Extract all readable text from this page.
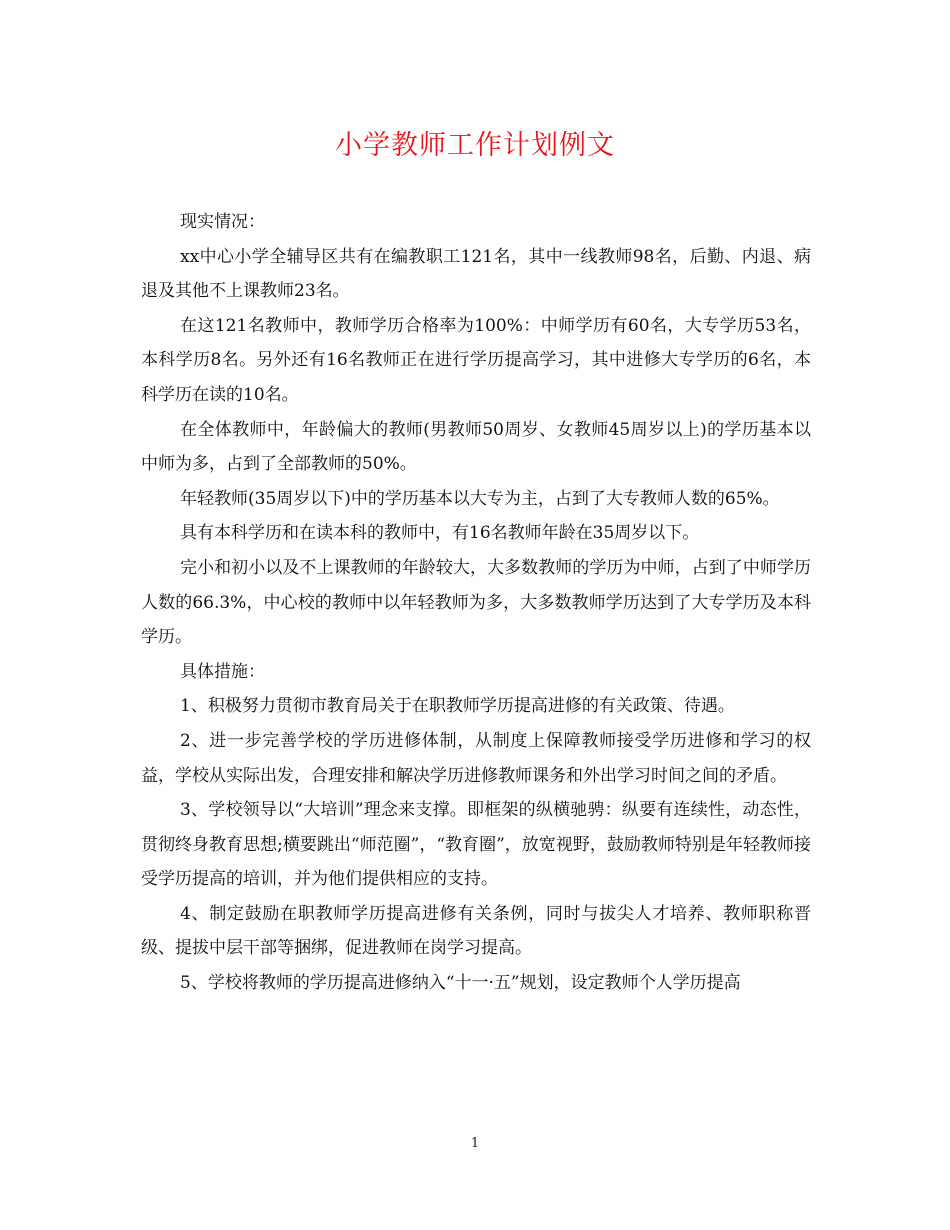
小学教师工作计划例文

现实情况：

xx中心小学全辅导区共有在编教职工121名，其中一线教师98名，后勤、内退、病退及其他不上课教师23名。

在这121名教师中，教师学历合格率为100%：中师学历有60名，大专学历53名，本科学历8名。另外还有16名教师正在进行学历提高学习，其中进修大专学历的6名，本科学历在读的10名。

在全体教师中，年龄偏大的教师(男教师50周岁、女教师45周岁以上)的学历基本以中师为多，占到了全部教师的50%。

年轻教师(35周岁以下)中的学历基本以大专为主，占到了大专教师人数的65%。

具有本科学历和在读本科的教师中，有16名教师年龄在35周岁以下。

完小和初小以及不上课教师的年龄较大，大多数教师的学历为中师，占到了中师学历人数的66.3%，中心校的教师中以年轻教师为多，大多数教师学历达到了大专学历及本科学历。

具体措施：

1、积极努力贯彻市教育局关于在职教师学历提高进修的有关政策、待遇。

2、进一步完善学校的学历进修体制，从制度上保障教师接受学历进修和学习的权益，学校从实际出发，合理安排和解决学历进修教师课务和外出学习时间之间的矛盾。

3、学校领导以“大培训”理念来支撑。即框架的纵横驰骋：纵要有连续性，动态性，贯彻终身教育思想;横要跳出“师范圈”，“教育圈”，放宽视野，鼓励教师特别是年轻教师接受学历提高的培训，并为他们提供相应的支持。

4、制定鼓励在职教师学历提高进修有关条例，同时与拔尖人才培养、教师职称晋级、提拔中层干部等捆绑，促进教师在岗学习提高。

5、学校将教师的学历提高进修纳入“十一·五”规划，设定教师个人学历提高

1
